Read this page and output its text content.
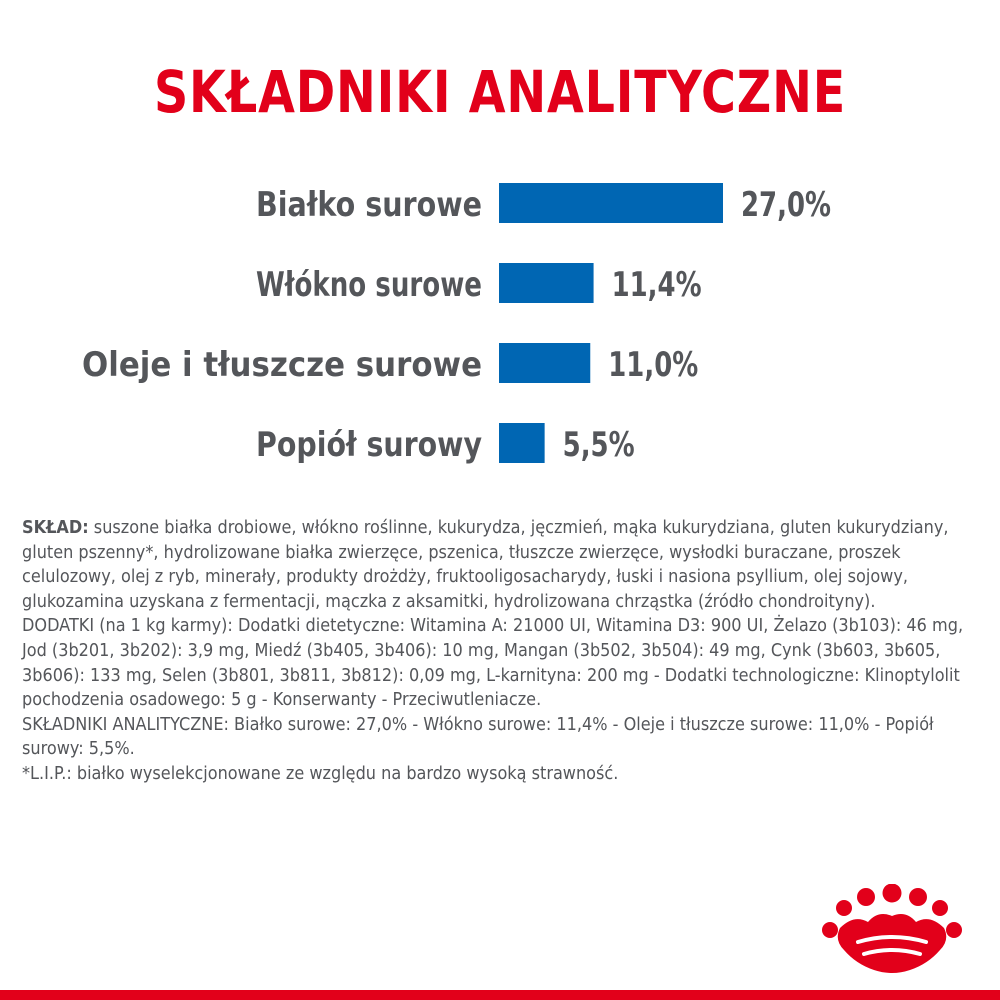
SKŁADNIKI ANALITYCZNE
Białko surowe	27,0%
Włókno surowe	11,4%
Oleje i tłuszcze surowe	11,0%
Popiół surowy 5,5%

SKŁAD: suszone białka drobiowe, włókno roślinne, kukurydza, jęczmień, mąka kukurydziana, gluten kukurydziany, gluten pszenny*, hydrolizowane białka zwierzęce, pszenica, tłuszcze zwierzęce, wysłodki buraczane, proszek celulozowy, olej z ryb, minerały, produkty drożdży, fruktooligosacharydy, łuski i nasiona psyllium, olej sojowy, glukozamina uzyskana z fermentacji, mączka z aksamitki, hydrolizowana chrząstka (źródło chondroityny).

DODATKI (na 1 kg karmy): Dodatki dietetyczne: Witamina A: 21000 UI, Witamina D3: 900 UI, Żelazo (3b103): 46 mg, Jod (3b201, 3b202): 3,9 mg, Miedź (3b405, 3b406): 10 mg, Mangan (3b502, 3b504): 49 mg, Cynk (3b603, 3b605, 3b606): 133 mg, Selen (3b801, 3b811, 3b812): 0,09 mg, L-karnityna: 200 mg - Dodatki technologiczne: Klinoptylolit pochodzenia osadowego: 5 g - Konserwanty - Przeciwutleniacze.

SKŁADNIKI ANALITYCZNE: Białko surowe: 27,0% - Włókno surowe: 11,4% - Oleje i tłuszcze surowe: 11,0% - Popiół surowy: 5,5%.

*L.I.P.: białko wyselekcjonowane ze względu na bardzo wysoką strawność.
